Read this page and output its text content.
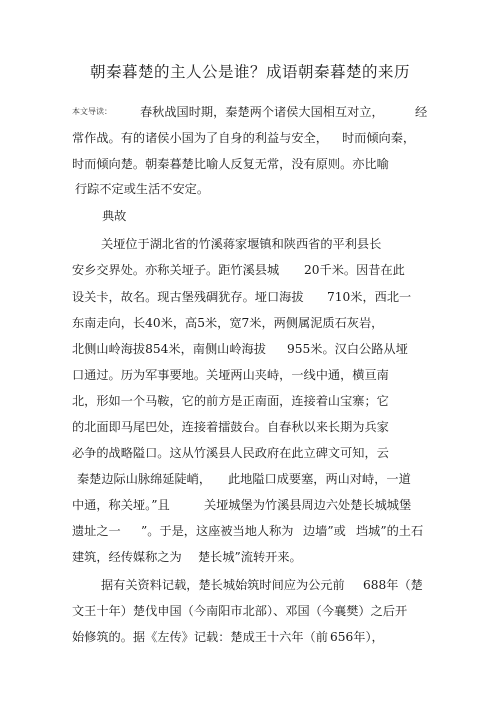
朝秦暮楚的主人公是谁？成语朝秦暮楚的来历
本文导读： 春秋战国时期，秦楚两个诸侯大国相互对立，	经
常作战。有的诸侯小国为了自身的利益与安全， 时而倾向秦，
时而倾向楚。朝秦暮楚比喻人反复无常，没有原则。亦比喻
行踪不定或生活不安定。
典故
关垭位于湖北省的竹溪蒋家堰镇和陕西省的平利县长
安乡交界处。亦称关垭子。距竹溪县城 20千米。因昔在此
设关卡，故名。现古堡残碉犹存。垭口海拔 710米，西北一
东南走向，长40米，高5米，宽7米，两侧属泥质石灰岩，
北侧山岭海拔854米，南侧山岭海拔 955米。汉白公路从垭
口通过。历为军事要地。关垭两山夹峙，一线中通，横亘南
北，形如一个马鞍，它的前方是正南面，连接着山宝寨；它
的北面即马尾巴处，连接着擂鼓台。自春秋以来长期为兵家
必争的战略隘口。这从竹溪县人民政府在此立碑文可知，云
秦楚边际山脉绵延陡峭， 此地隘口成要塞，两山对峙，一道
中通，称关垭。”且	关垭城堡为竹溪县周边六处楚长城城堡
遗址之一 ”。于是，这座被当地人称为 边墙”或 垱城”的土石
建筑，经传媒称之为 楚长城”流转开来。
据有关资料记载，楚长城始筑时间应为公元前 688年（楚
文王十年）楚伐申国（今南阳市北部）、邓国（今襄樊）之后开
始修筑的。据《左传》记载：楚成王十六年（前 656年），
